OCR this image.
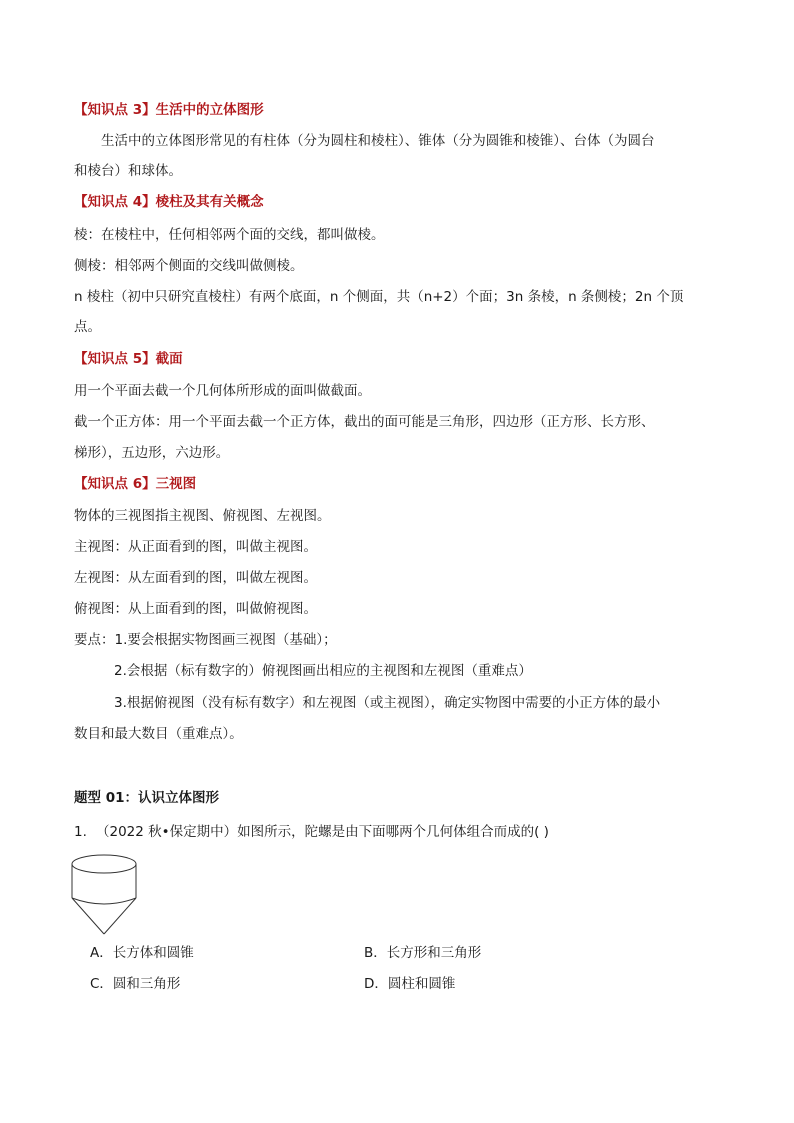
【知识点 3】生活中的立体图形
生活中的立体图形常见的有柱体（分为圆柱和棱柱）、锥体（分为圆锥和棱锥）、台体（为圆台
和棱台）和球体。
【知识点 4】棱柱及其有关概念
棱：在棱柱中，任何相邻两个面的交线，都叫做棱。
侧棱：相邻两个侧面的交线叫做侧棱。
n 棱柱（初中只研究直棱柱）有两个底面，n 个侧面，共（n+2）个面；3n 条棱，n 条侧棱；2n 个顶
点。
【知识点 5】截面
用一个平面去截一个几何体所形成的面叫做截面。
截一个正方体：用一个平面去截一个正方体，截出的面可能是三角形，四边形（正方形、长方形、
梯形），五边形，六边形。
【知识点 6】三视图
物体的三视图指主视图、俯视图、左视图。
主视图：从正面看到的图，叫做主视图。
左视图：从左面看到的图，叫做左视图。
俯视图：从上面看到的图，叫做俯视图。
要点：1.要会根据实物图画三视图（基础）；
2.会根据（标有数字的）俯视图画出相应的主视图和左视图（重难点）
3.根据俯视图（没有标有数字）和左视图（或主视图），确定实物图中需要的小正方体的最小
数目和最大数目（重难点）。
题型 01：认识立体图形
1. （2022 秋•保定期中）如图所示，陀螺是由下面哪两个几何体组合而成的( )
A．长方体和圆锥	B．长方形和三角形
C．圆和三角形	D．圆柱和圆锥
